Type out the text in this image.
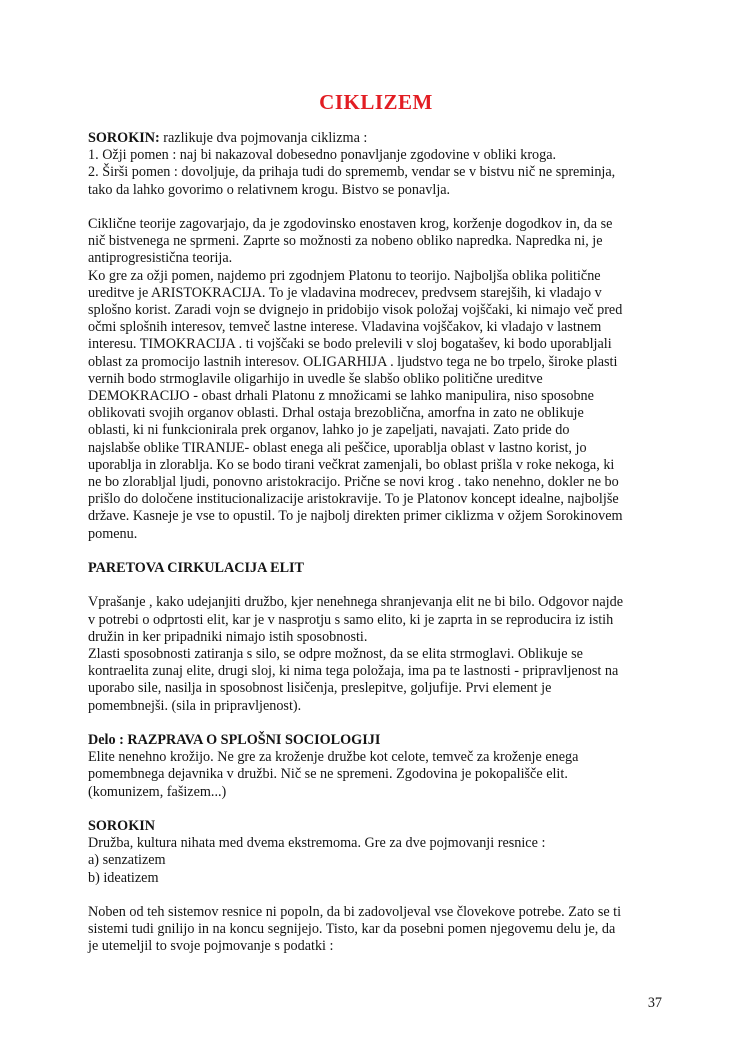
CIKLIZEM
SOROKIN: razlikuje dva pojmovanja ciklizma :
1. Ožji pomen : naj bi nakazoval dobesedno ponavljanje zgodovine v obliki kroga.
2. Širši pomen : dovoljuje, da prihaja tudi do sprememb, vendar se v bistvu nič ne spreminja,
tako da lahko govorimo o relativnem krogu. Bistvo se ponavlja.
Ciklične teorije zagovarjajo, da je zgodovinsko enostaven krog, korženje dogodkov in, da se
nič bistvenega ne sprmeni. Zaprte so možnosti za nobeno obliko napredka. Napredka ni, je
antiprogresistična teorija.
Ko gre za ožji pomen, najdemo pri zgodnjem Platonu to teorijo. Najboljša oblika politične
ureditve je ARISTOKRACIJA. To je vladavina modrecev, predvsem starejših, ki vladajo v
splošno korist. Zaradi vojn se dvignejo in pridobijo visok položaj vojščaki, ki nimajo več pred
očmi splošnih interesov, temveč lastne interese. Vladavina vojščakov, ki vladajo v lastnem
interesu. TIMOKRACIJA . ti vojščaki se bodo prelevili v sloj bogatašev, ki bodo uporabljali
oblast za promocijo lastnih interesov. OLIGARHIJA . ljudstvo tega ne bo trpelo, široke plasti
vernih bodo strmoglavile oligarhijo in uvedle še slabšo obliko politične ureditve
DEMOKRACIJO - obast drhali Platonu z množicami se lahko manipulira, niso sposobne
oblikovati svojih organov oblasti. Drhal ostaja brezoblična, amorfna in zato ne oblikuje
oblasti, ki ni funkcionirala prek organov, lahko jo je zapeljati, navajati. Zato pride do
najslabše oblike TIRANIJE- oblast enega ali peščice, uporablja oblast v lastno korist, jo
uporablja in zlorablja. Ko se bodo tirani večkrat zamenjali, bo oblast prišla v roke nekoga, ki
ne bo zlorabljal ljudi, ponovno aristokracijo. Prične se novi krog . tako nenehno, dokler ne bo
prišlo do določene institucionalizacije aristokravije. To je Platonov koncept idealne, najboljše
države. Kasneje je vse to opustil. To je najbolj direkten primer ciklizma v ožjem Sorokinovem
pomenu.
PARETOVA CIRKULACIJA ELIT
Vprašanje , kako udejanjiti družbo, kjer nenehnega shranjevanja elit ne bi bilo. Odgovor najde
v potrebi o odprtosti elit, kar je v nasprotju s samo elito, ki je zaprta in se reproducira iz istih
družin in ker pripadniki nimajo istih sposobnosti.
Zlasti sposobnosti zatiranja s silo, se odpre možnost, da se elita strmoglavi. Oblikuje se
kontraelita zunaj elite, drugi sloj, ki nima tega položaja, ima pa te lastnosti - pripravljenost na
uporabo sile, nasilja in sposobnost lisičenja, preslepitve, goljufije. Prvi element je
pomembnejši. (sila in pripravljenost).
Delo : RAZPRAVA O SPLOŠNI SOCIOLOGIJI
Elite nenehno krožijo. Ne gre za kroženje družbe kot celote, temveč za kroženje enega
pomembnega dejavnika v družbi. Nič se ne spremeni. Zgodovina je pokopališče elit.
(komunizem, fašizem...)
SOROKIN
Družba, kultura nihata med dvema ekstremoma. Gre za dve pojmovanji resnice :
a) senzatizem
b) ideatizem
Noben od teh sistemov resnice ni popoln, da bi zadovoljeval vse človekove potrebe. Zato se ti
sistemi tudi gnilijo in na koncu segnijejo. Tisto, kar da posebni pomen njegovemu delu je, da
je utemeljil to svoje pojmovanje s podatki :
37
